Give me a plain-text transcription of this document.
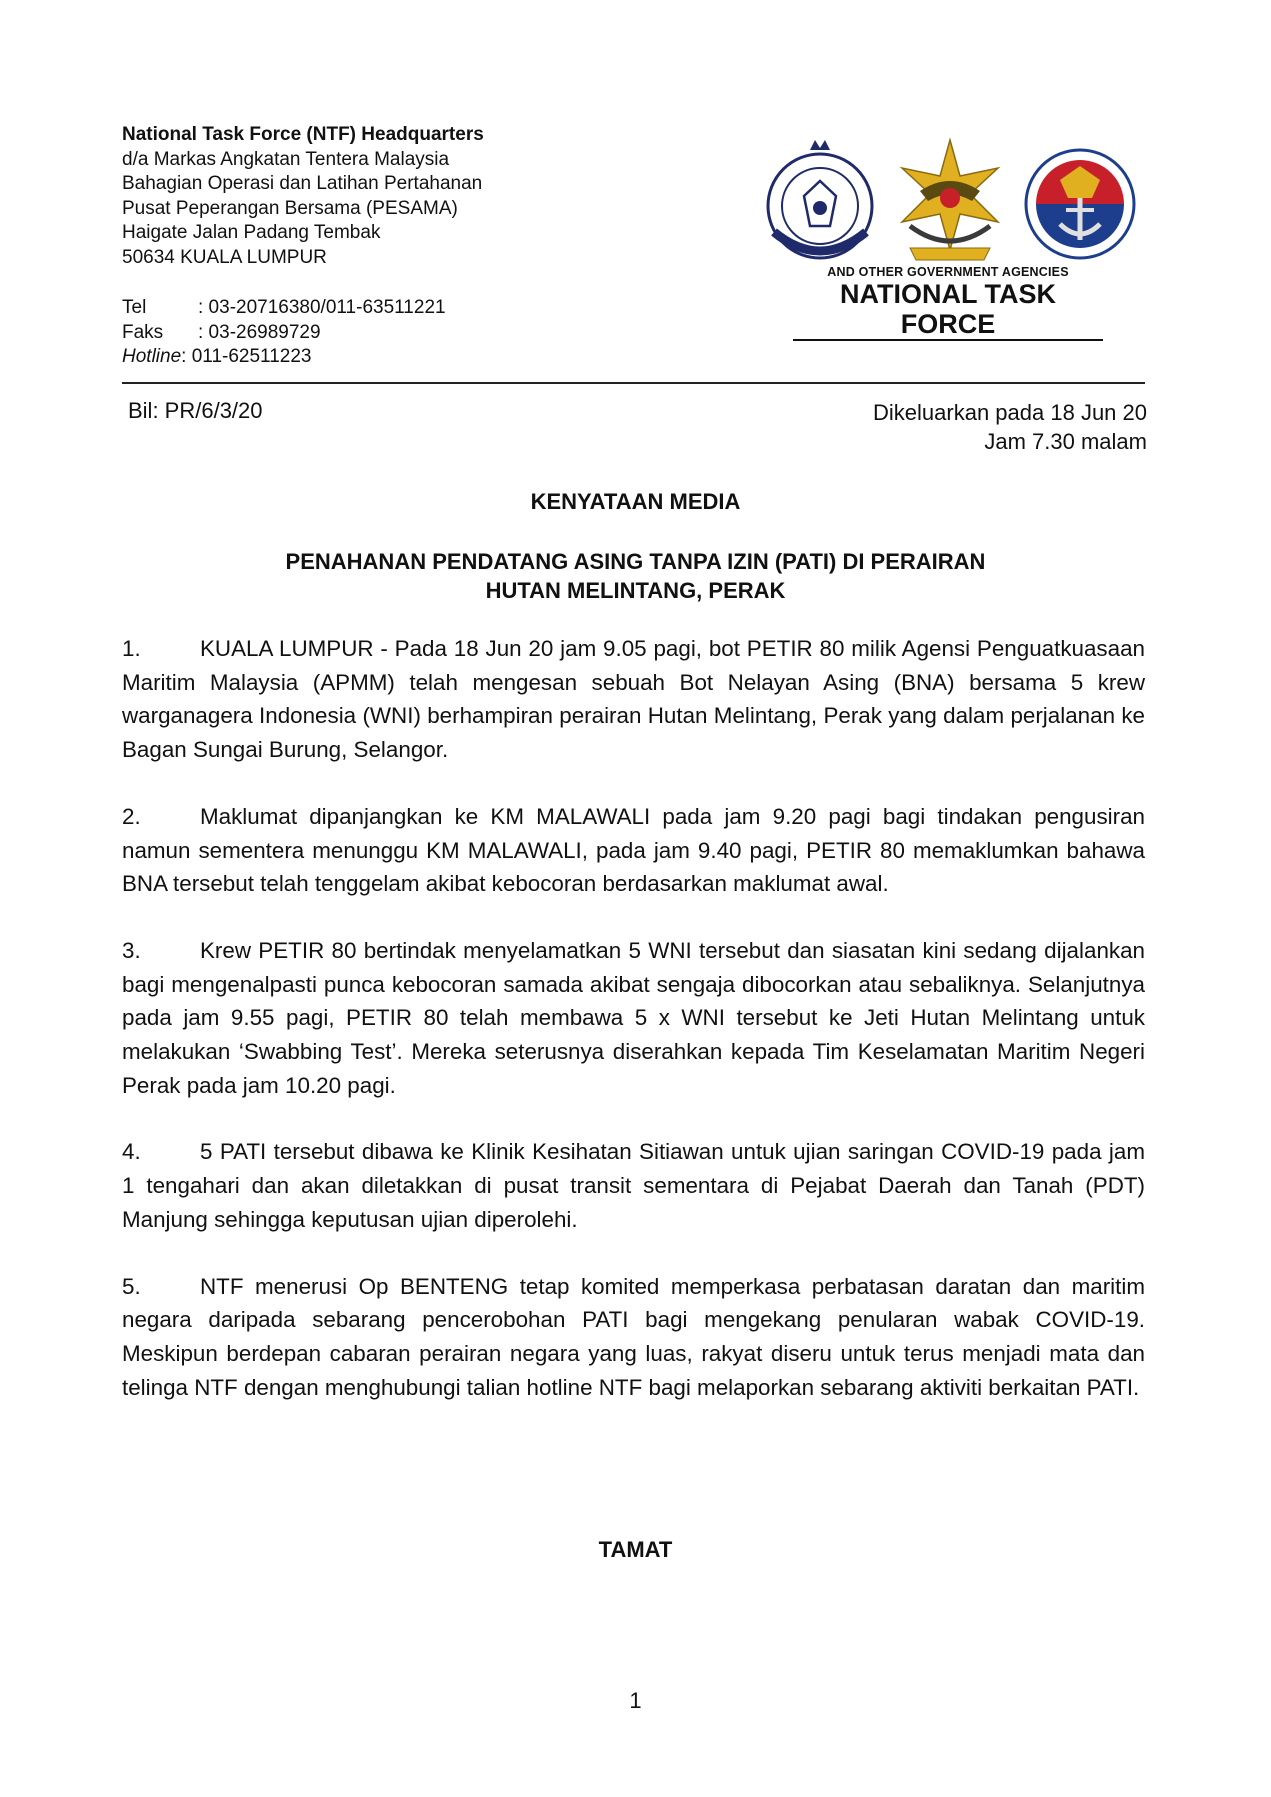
National Task Force (NTF) Headquarters
d/a Markas Angkatan Tentera Malaysia
Bahagian Operasi dan Latihan Pertahanan
Pusat Peperangan Bersama (PESAMA)
Haigate Jalan Padang Tembak
50634 KUALA LUMPUR
Tel	: 03-20716380/011-63511221
Faks	: 03-26989729
Hotline : 011-62511223
AND OTHER GOVERNMENT AGENCIES
NATIONAL TASK FORCE
Bil: PR/6/3/20	Dikeluarkan pada 18 Jun 20
Jam 7.30 malam
KENYATAAN MEDIA
PENAHANAN PENDATANG ASING TANPA IZIN (PATI) DI PERAIRAN
HUTAN MELINTANG, PERAK

1.	KUALA LUMPUR - Pada 18 Jun 20 jam 9.05 pagi, bot PETIR 80 milik Agensi Penguatkuasaan Maritim Malaysia (APMM) telah mengesan sebuah Bot Nelayan Asing (BNA) bersama 5 krew warganagera Indonesia (WNI) berhampiran perairan Hutan Melintang, Perak yang dalam perjalanan ke Bagan Sungai Burung, Selangor.

2.	Maklumat dipanjangkan ke KM MALAWALI pada jam 9.20 pagi bagi tindakan pengusiran namun sementera menunggu KM MALAWALI, pada jam 9.40 pagi, PETIR 80 memaklumkan bahawa BNA tersebut telah tenggelam akibat kebocoran berdasarkan maklumat awal.

3.	Krew PETIR 80 bertindak menyelamatkan 5 WNI tersebut dan siasatan kini sedang dijalankan bagi mengenalpasti punca kebocoran samada akibat sengaja dibocorkan atau sebaliknya. Selanjutnya pada jam 9.55 pagi, PETIR 80 telah membawa 5 x WNI tersebut ke Jeti Hutan Melintang untuk melakukan ‘Swabbing Test’. Mereka seterusnya diserahkan kepada Tim Keselamatan Maritim Negeri Perak pada jam 10.20 pagi.

4.	5 PATI tersebut dibawa ke Klinik Kesihatan Sitiawan untuk ujian saringan COVID-19 pada jam 1 tengahari dan akan diletakkan di pusat transit sementara di Pejabat Daerah dan Tanah (PDT) Manjung sehingga keputusan ujian diperolehi.

5.	NTF menerusi Op BENTENG tetap komited memperkasa perbatasan daratan dan maritim negara daripada sebarang pencerobohan PATI bagi mengekang penularan wabak COVID-19. Meskipun berdepan cabaran perairan negara yang luas, rakyat diseru untuk terus menjadi mata dan telinga NTF dengan menghubungi talian hotline NTF bagi melaporkan sebarang aktiviti berkaitan PATI.

TAMAT
1
